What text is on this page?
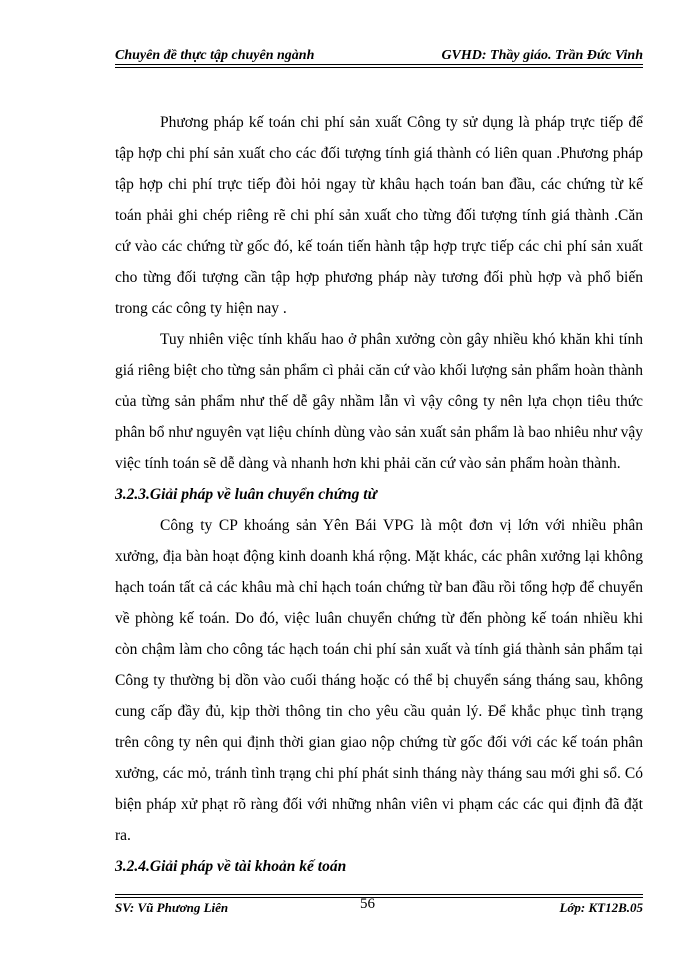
Chuyên đề thực tập chuyên ngành	GVHD: Thầy giáo. Trần Đức Vinh

Phương pháp kế toán chi phí sản xuất Công ty sử dụng là pháp trực tiếp để tập hợp chi phí sản xuất cho các đối tượng tính giá thành có liên quan .Phương pháp tập hợp chi phí trực tiếp đòi hỏi ngay từ khâu hạch toán ban đầu, các chứng từ kế toán phải ghi chép riêng rẽ chi phí sản xuất cho từng đối tượng tính giá thành .Căn cứ vào các chứng từ gốc đó, kế toán tiến hành tập hợp trực tiếp các chi phí sản xuất cho từng đối tượng cần tập hợp phương pháp này tương đối phù hợp và phổ biến trong các công ty hiện nay .

Tuy nhiên việc tính khấu hao ở phân xưởng còn gây nhiều khó khăn khi tính giá riêng biệt cho từng sản phẩm cì phải căn cứ vào khối lượng sản phẩm hoàn thành của từng sản phẩm như thế dễ gây nhầm lẫn vì vậy công ty nên lựa chọn tiêu thức phân bổ như nguyên vạt liệu chính dùng vào sản xuất sản phẩm là bao nhiêu như vậy việc tính toán sẽ dễ dàng và nhanh hơn khi phải căn cứ vào sản phẩm hoàn thành.

3.2.3.Giải pháp về luân chuyển chứng từ

Công ty CP khoáng sản Yên Bái VPG là một đơn vị lớn với nhiều phân xưởng, địa bàn hoạt động kinh doanh khá rộng. Mặt khác, các phân xưởng lại không hạch toán tất cả các khâu mà chỉ hạch toán chứng từ ban đầu rồi tổng hợp để chuyển về phòng kế toán. Do đó, việc luân chuyển chứng từ đến phòng kế toán nhiều khi còn chậm làm cho công tác hạch toán chi phí sản xuất và tính giá thành sản phẩm tại Công ty thường bị dồn vào cuối tháng hoặc có thể bị chuyển sáng tháng sau, không cung cấp đầy đủ, kịp thời thông tin cho yêu cầu quản lý. Để khắc phục tình trạng trên công ty nên qui định thời gian giao nộp chứng từ gốc đối với các kế toán phân xưởng, các mỏ, tránh tình trạng chi phí phát sinh tháng này tháng sau mới ghi sổ. Có biện pháp xử phạt rõ ràng đối với những nhân viên vi phạm các các qui định đã đặt ra.

3.2.4.Giải pháp về tài khoản kế toán

SV: Vũ Phương Liên	56	Lớp: KT12B.05
